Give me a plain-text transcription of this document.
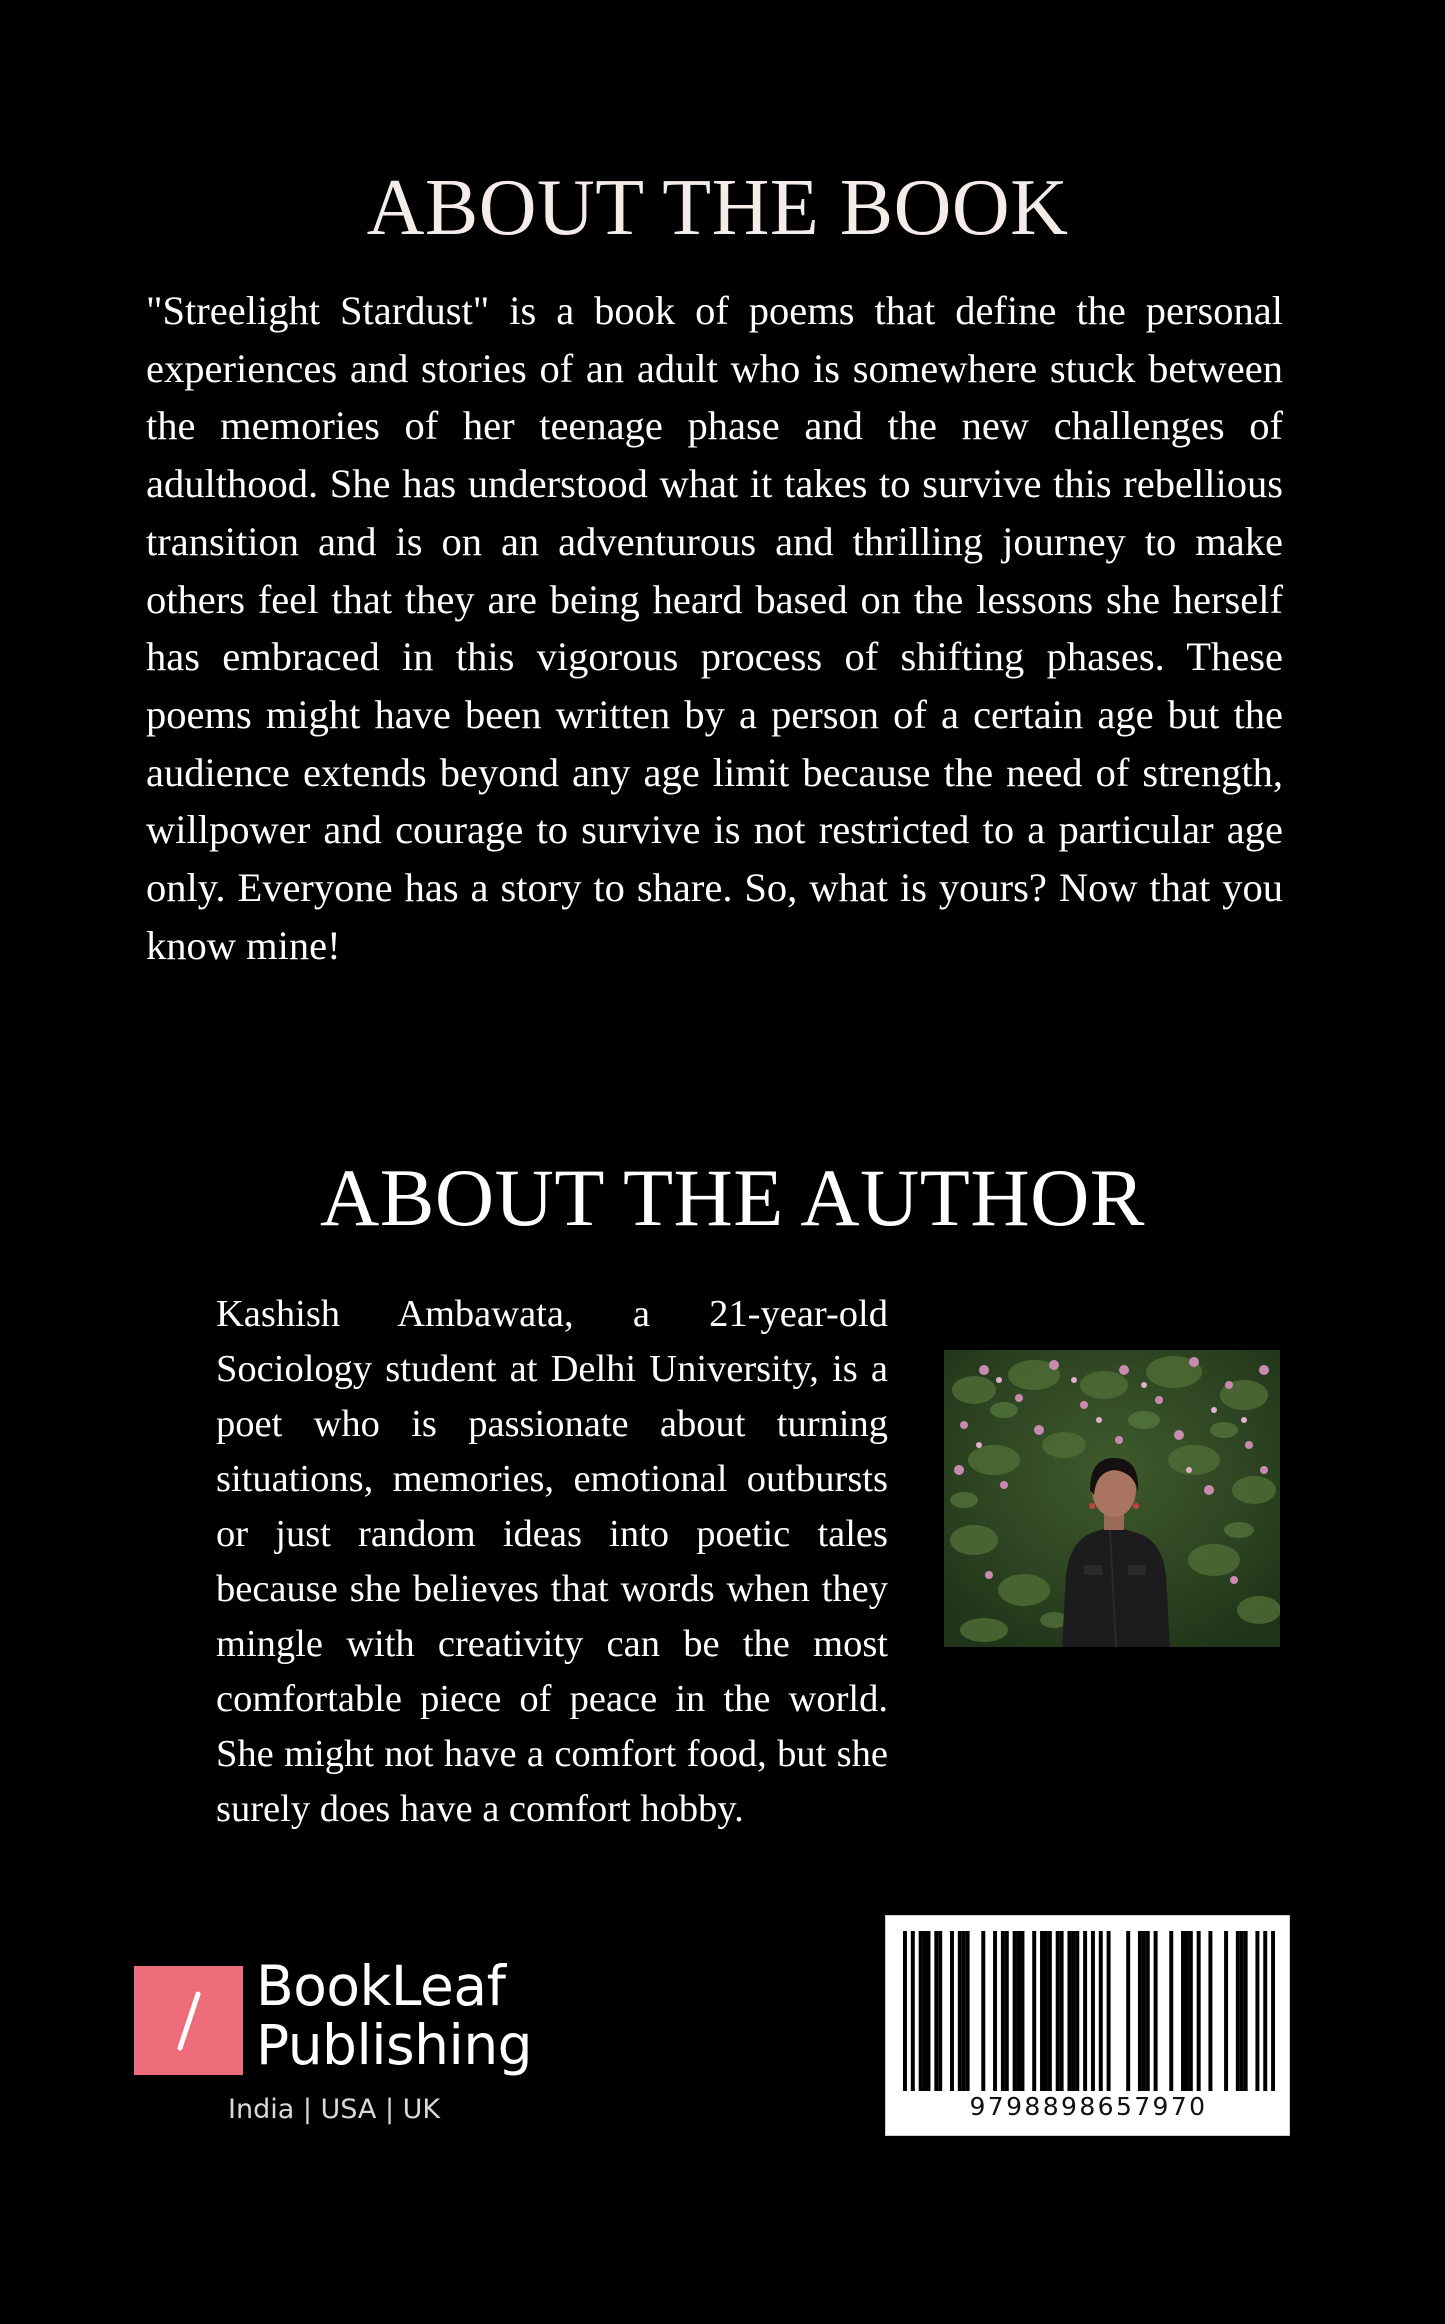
ABOUT THE BOOK

"Streelight Stardust" is a book of poems that define the personal experiences and stories of an adult who is somewhere stuck between the memories of her teenage phase and the new challenges of adulthood. She has understood what it takes to survive this rebellious transition and is on an adventurous and thrilling journey to make others feel that they are being heard based on the lessons she herself has embraced in this vigorous process of shifting phases. These poems might have been written by a person of a certain age but the audience extends beyond any age limit because the need of strength, willpower and courage to survive is not restricted to a particular age only. Everyone has a story to share. So, what is yours? Now that you know mine!

ABOUT THE AUTHOR

Kashish Ambawata, a 21-year-old Sociology student at Delhi University, is a poet who is passionate about turning situations, memories, emotional outbursts or just random ideas into poetic tales because she believes that words when they mingle with creativity can be the most comfortable piece of peace in the world. She might not have a comfort food, but she surely does have a comfort hobby.

BookLeaf
Publishing
India | USA | UK	9798898657970
